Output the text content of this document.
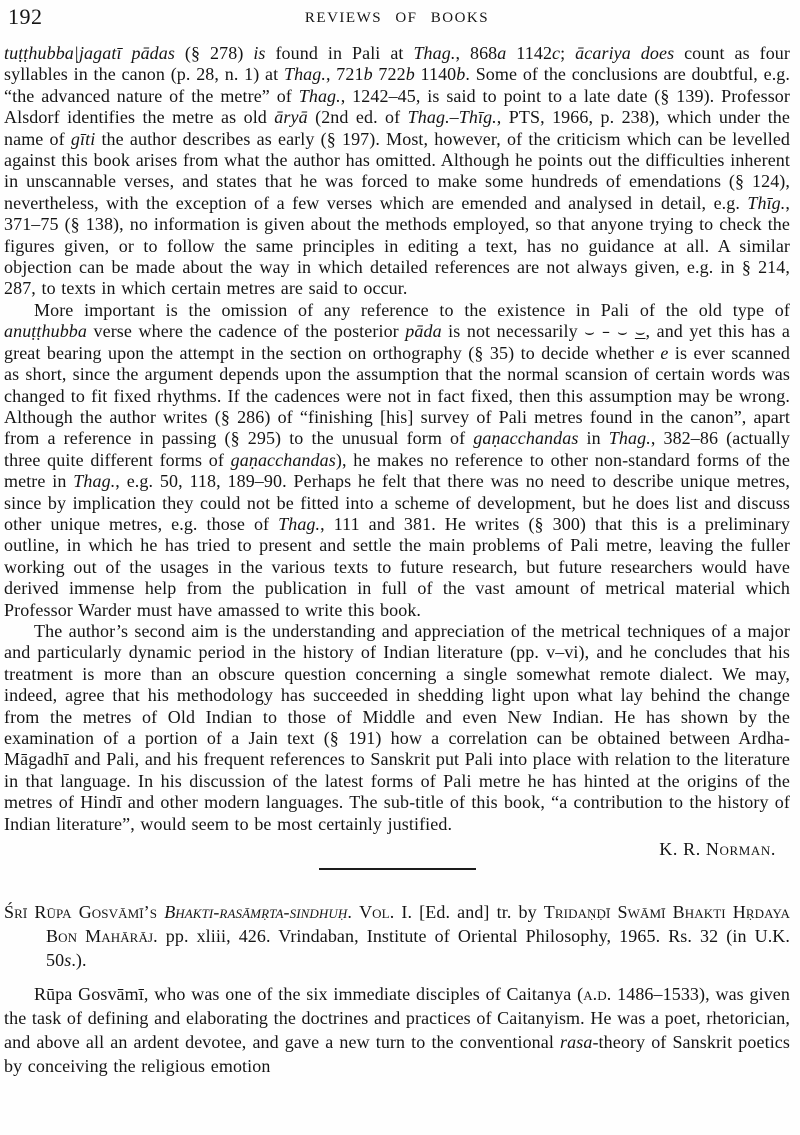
192	REVIEWS OF BOOKS

tuṭṭhubba|jagatī pādas (§ 278) is found in Pali at Thag., 868a 1142c; ācariya does count as four syllables in the canon (p. 28, n. 1) at Thag., 721b 722b 1140b. Some of the conclusions are doubtful, e.g. “the advanced nature of the metre” of Thag., 1242–45, is said to point to a late date (§ 139). Professor Alsdorf identifies the metre as old āryā (2nd ed. of Thag.–Thīg., PTS, 1966, p. 238), which under the name of gīti the author describes as early (§ 197). Most, however, of the criticism which can be levelled against this book arises from what the author has omitted. Although he points out the difficulties inherent in unscannable verses, and states that he was forced to make some hundreds of emendations (§ 124), nevertheless, with the exception of a few verses which are emended and analysed in detail, e.g. Thīg., 371–75 (§ 138), no information is given about the methods employed, so that anyone trying to check the figures given, or to follow the same principles in editing a text, has no guidance at all. A similar objection can be made about the way in which detailed references are not always given, e.g. in § 214, 287, to texts in which certain metres are said to occur.

More important is the omission of any reference to the existence in Pali of the old type of anuṭṭhubba verse where the cadence of the posterior pāda is not necessarily ⌣ – ⌣ ⌣, and yet this has a great bearing upon the attempt in the section on orthography (§ 35) to decide whether e is ever scanned as short, since the argument depends upon the assumption that the normal scansion of certain words was changed to fit fixed rhythms. If the cadences were not in fact fixed, then this assumption may be wrong. Although the author writes (§ 286) of “finishing [his] survey of Pali metres found in the canon”, apart from a reference in passing (§ 295) to the unusual form of gaṇacchandas in Thag., 382–86 (actually three quite different forms of gaṇacchandas), he makes no reference to other non-standard forms of the metre in Thag., e.g. 50, 118, 189–90. Perhaps he felt that there was no need to describe unique metres, since by implication they could not be fitted into a scheme of development, but he does list and discuss other unique metres, e.g. those of Thag., 111 and 381. He writes (§ 300) that this is a preliminary outline, in which he has tried to present and settle the main problems of Pali metre, leaving the fuller working out of the usages in the various texts to future research, but future researchers would have derived immense help from the publication in full of the vast amount of metrical material which Professor Warder must have amassed to write this book.

The author’s second aim is the understanding and appreciation of the metrical techniques of a major and particularly dynamic period in the history of Indian literature (pp. v–vi), and he concludes that his treatment is more than an obscure question concerning a single somewhat remote dialect. We may, indeed, agree that his methodology has succeeded in shedding light upon what lay behind the change from the metres of Old Indian to those of Middle and even New Indian. He has shown by the examination of a portion of a Jain text (§ 191) how a correlation can be obtained between Ardha-Māgadhī and Pali, and his frequent references to Sanskrit put Pali into place with relation to the literature in that language. In his discussion of the latest forms of Pali metre he has hinted at the origins of the metres of Hindī and other modern languages. The sub-title of this book, “a contribution to the history of Indian literature”, would seem to be most certainly justified.

K. R. Norman.

Śrī Rūpa Gosvāmī’s Bhakti-rasāmṛta-sindhuḥ. Vol. I. [Ed. and] tr. by Tridaṇḍī Swāmī Bhakti Hṛdaya Bon Mahārāj. pp. xliii, 426. Vrindaban, Institute of Oriental Philosophy, 1965. Rs. 32 (in U.K. 50s.).

Rūpa Gosvāmī, who was one of the six immediate disciples of Caitanya (a.d. 1486–1533), was given the task of defining and elaborating the doctrines and practices of Caitanyism. He was a poet, rhetorician, and above all an ardent devotee, and gave a new turn to the conventional rasa-theory of Sanskrit poetics by conceiving the religious emotion
